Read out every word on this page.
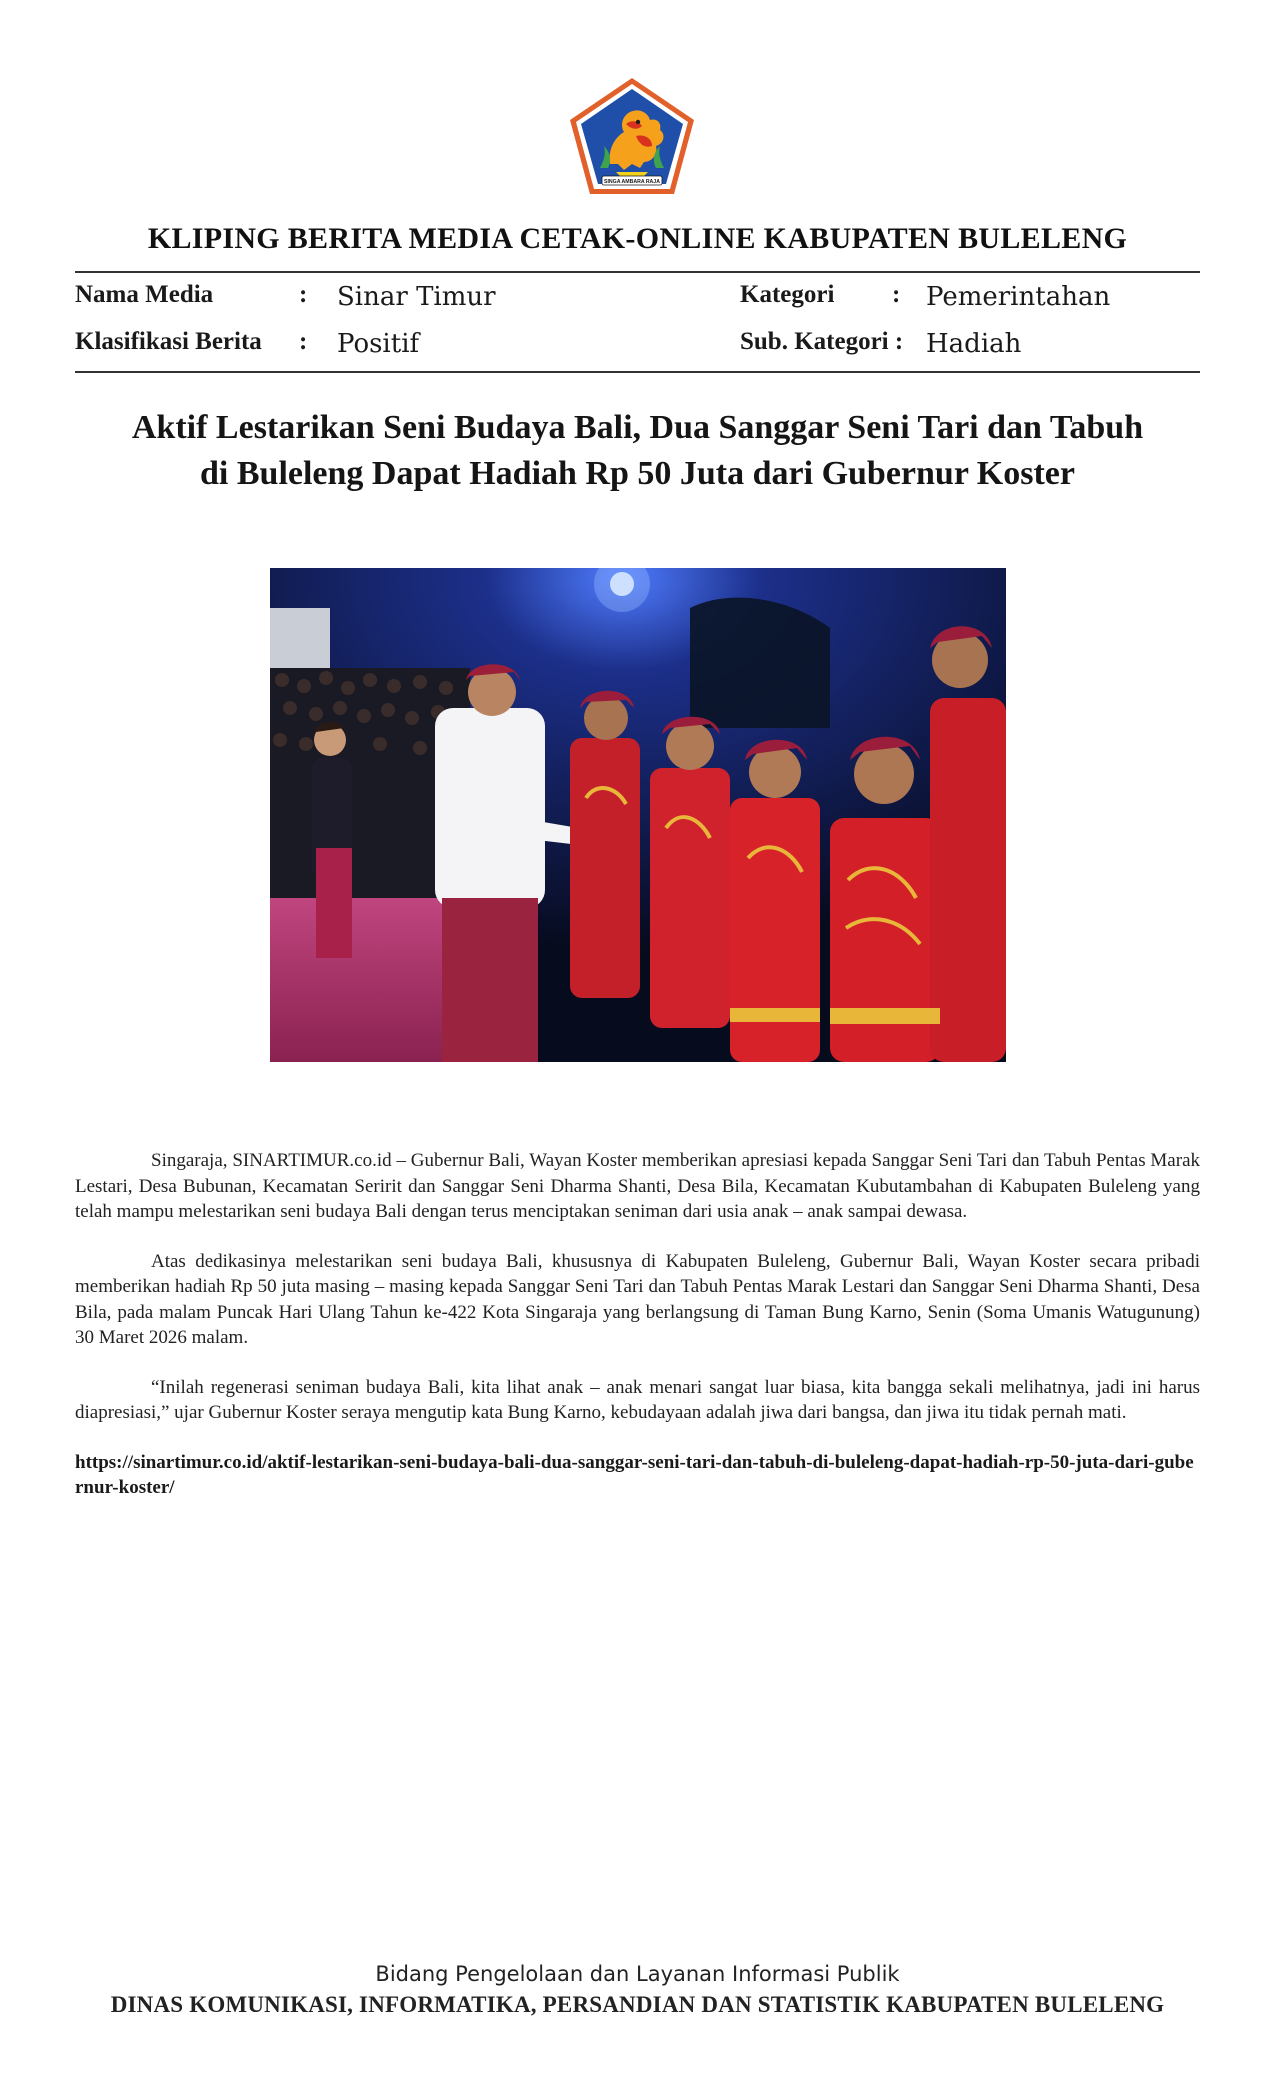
SINGA AMBARA RAJA
KLIPING BERITA MEDIA CETAK-ONLINE KABUPATEN BULELENG
Nama Media	: Sinar Timur
Klasifikasi Berita : Positif
Kategori : Pemerintahan
Sub. Kategori : Hadiah
Aktif Lestarikan Seni Budaya Bali, Dua Sanggar Seni Tari dan Tabuh
di Buleleng Dapat Hadiah Rp 50 Juta dari Gubernur Koster

Singaraja, SINARTIMUR.co.id – Gubernur Bali, Wayan Koster memberikan apresiasi kepada Sanggar Seni Tari dan Tabuh Pentas Marak Lestari, Desa Bubunan, Kecamatan Seririt dan Sanggar Seni Dharma Shanti, Desa Bila, Kecamatan Kubutambahan di Kabupaten Buleleng yang telah mampu melestarikan seni budaya Bali dengan terus menciptakan seniman dari usia anak – anak sampai dewasa.

Atas dedikasinya melestarikan seni budaya Bali, khususnya di Kabupaten Buleleng, Gubernur Bali, Wayan Koster secara pribadi memberikan hadiah Rp 50 juta masing – masing kepada Sanggar Seni Tari dan Tabuh Pentas Marak Lestari dan Sanggar Seni Dharma Shanti, Desa Bila, pada malam Puncak Hari Ulang Tahun ke-422 Kota Singaraja yang berlangsung di Taman Bung Karno, Senin (Soma Umanis Watugunung) 30 Maret 2026 malam.

“Inilah regenerasi seniman budaya Bali, kita lihat anak – anak menari sangat luar biasa, kita bangga sekali melihatnya, jadi ini harus diapresiasi,” ujar Gubernur Koster seraya mengutip kata Bung Karno, kebudayaan adalah jiwa dari bangsa, dan jiwa itu tidak pernah mati.

https://sinartimur.co.id/aktif-lestarikan-seni-budaya-bali-dua-sanggar-seni-tari-dan-tabuh-di-buleleng-dapat-hadiah-rp-50-juta-dari-gubernur-koster/

Bidang Pengelolaan dan Layanan Informasi Publik
DINAS KOMUNIKASI, INFORMATIKA, PERSANDIAN DAN STATISTIK KABUPATEN BULELENG
